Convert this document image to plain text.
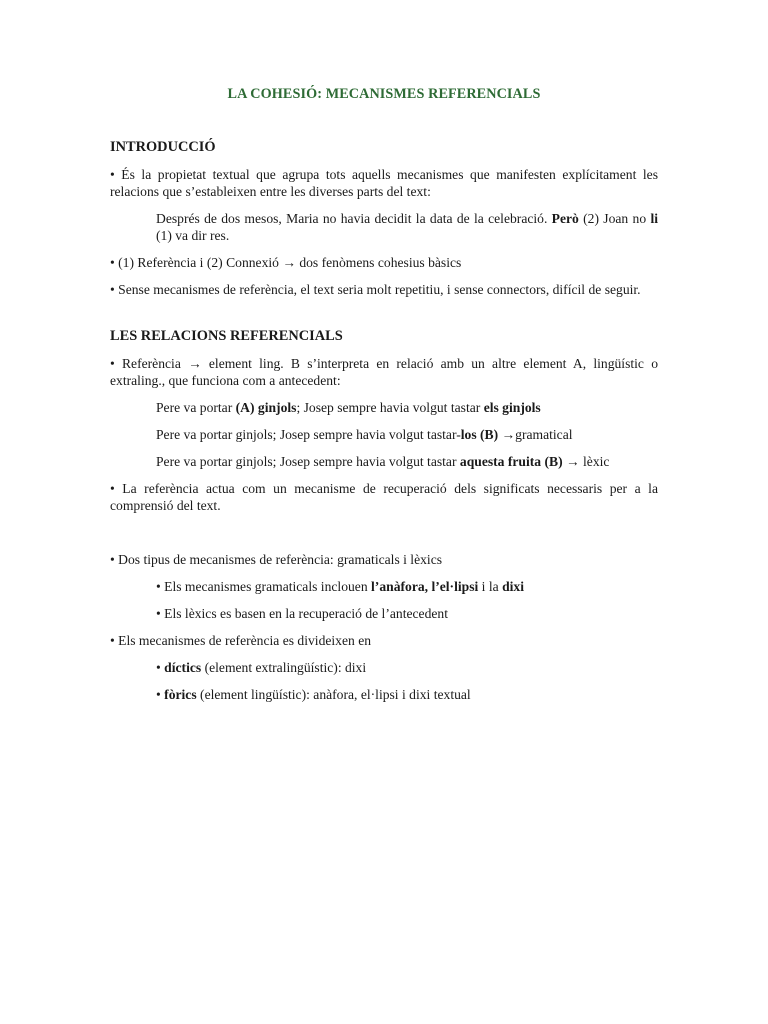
LA COHESIÓ: MECANISMES REFERENCIALS
INTRODUCCIÓ
• És la propietat textual que agrupa tots aquells mecanismes que manifesten explícitament les relacions que s’estableixen entre les diverses parts del text:
Després de dos mesos, Maria no havia decidit la data de la celebració. Però (2) Joan no li (1) va dir res.
• (1) Referència i (2) Connexió → dos fenòmens cohesius bàsics
• Sense mecanismes de referència, el text seria molt repetitiu, i sense connectors, difícil de seguir.
LES RELACIONS REFERENCIALS
• Referència → element ling. B s’interpreta en relació amb un altre element A, lingüístic o extraling., que funciona com a antecedent:
Pere va portar (A) ginjols; Josep sempre havia volgut tastar els ginjols
Pere va portar ginjols; Josep sempre havia volgut tastar-los (B) →gramatical
Pere va portar ginjols; Josep sempre havia volgut tastar aquesta fruita (B) → lèxic
• La referència actua com un mecanisme de recuperació dels significats necessaris per a la comprensió del text.
• Dos tipus de mecanismes de referència: gramaticals i lèxics
• Els mecanismes gramaticals inclouen l’anàfora, l’el·lipsi i la dixi
• Els lèxics es basen en la recuperació de l’antecedent
• Els mecanismes de referència es divideixen en
• díctics (element extralingüístic): dixi
• fòrics (element lingüístic): anàfora, el·lipsi i dixi textual
